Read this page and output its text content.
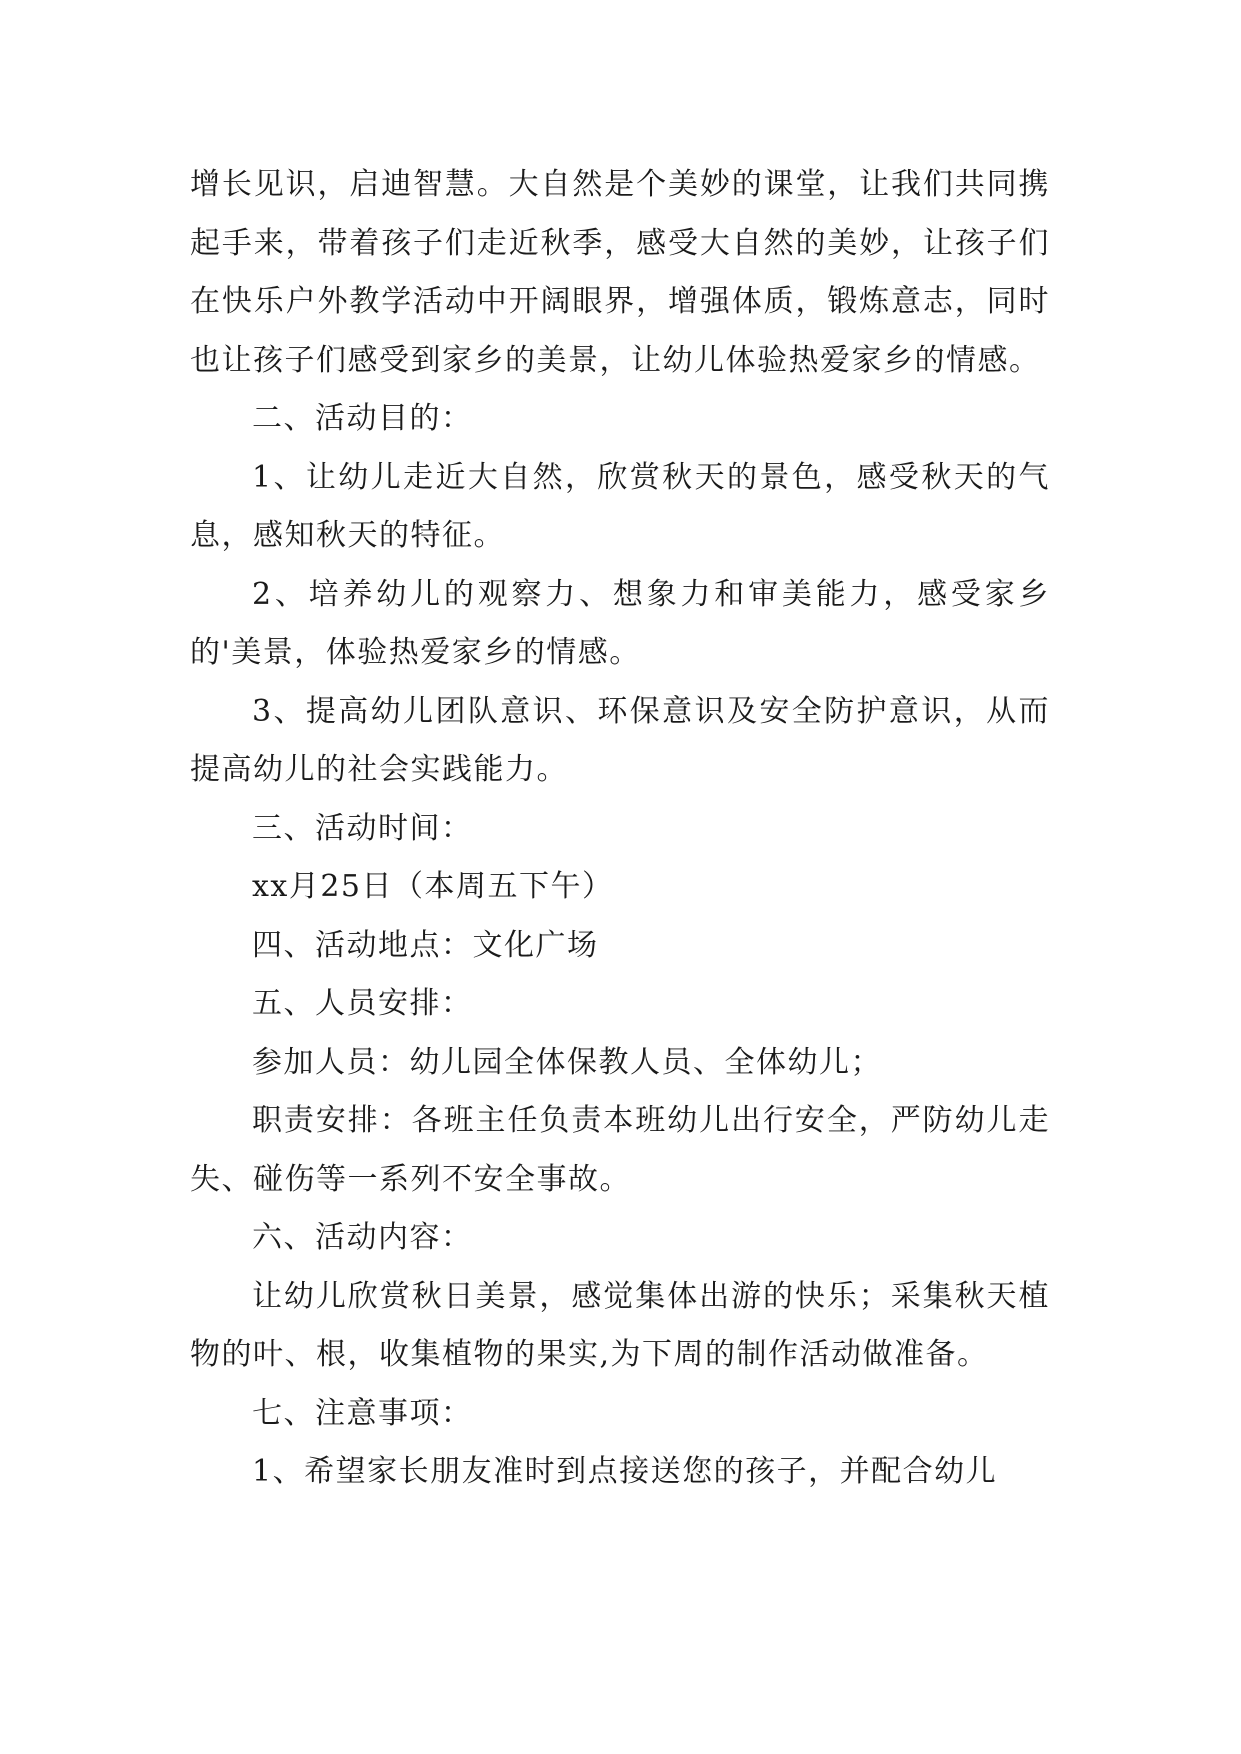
增长见识，启迪智慧。大自然是个美妙的课堂，让我们共同携起手来，带着孩子们走近秋季，感受大自然的美妙，让孩子们在快乐户外教学活动中开阔眼界，增强体质，锻炼意志，同时也让孩子们感受到家乡的美景，让幼儿体验热爱家乡的情感。

二、活动目的：

1、让幼儿走近大自然，欣赏秋天的景色，感受秋天的气息，感知秋天的特征。

2、培养幼儿的观察力、想象力和审美能力，感受家乡的'美景，体验热爱家乡的情感。

3、提高幼儿团队意识、环保意识及安全防护意识，从而提高幼儿的社会实践能力。

三、活动时间：

xx月25日（本周五下午）

四、活动地点：文化广场

五、人员安排：

参加人员：幼儿园全体保教人员、全体幼儿；

职责安排：各班主任负责本班幼儿出行安全，严防幼儿走失、碰伤等一系列不安全事故。

六、活动内容：

让幼儿欣赏秋日美景，感觉集体出游的快乐；采集秋天植物的叶、根，收集植物的果实,为下周的制作活动做准备。

七、注意事项：

1、希望家长朋友准时到点接送您的孩子，并配合幼儿
